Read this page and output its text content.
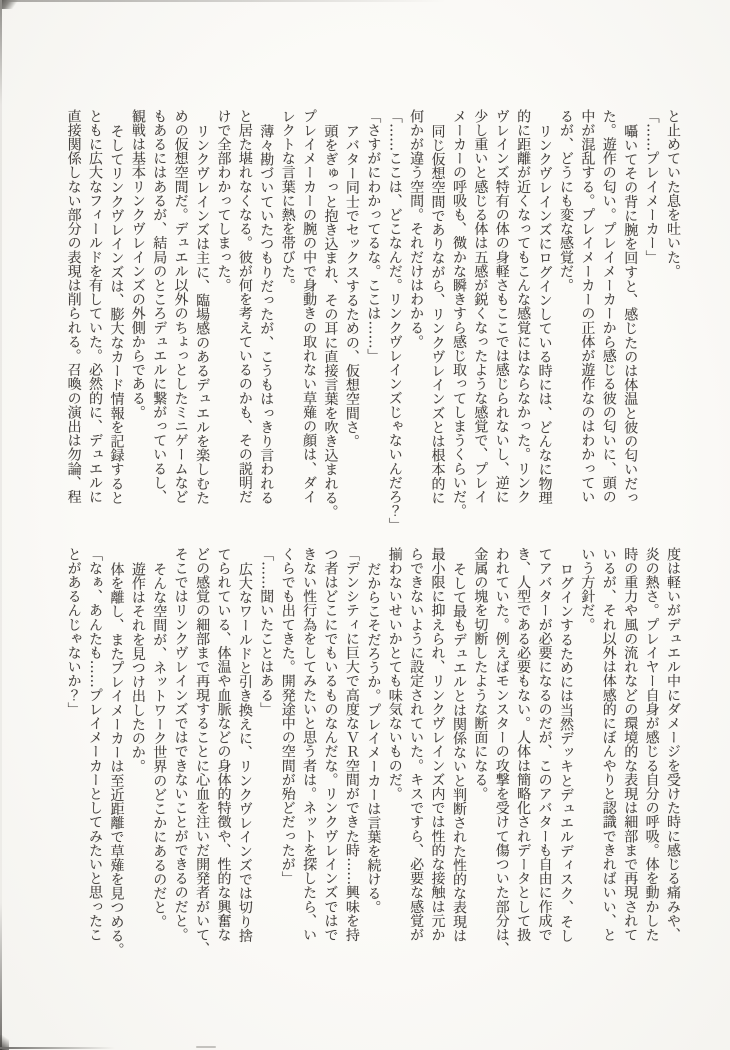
と止めていた息を吐いた。
「……プレイメーカー」
囁いてその背に腕を回すと、感じたのは体温と彼の匂いだっ
た。遊作の匂い。プレイメーカーから感じる彼の匂いに、頭の
中が混乱する。プレイメーカーの正体が遊作なのはわかってい
るが、どうにも変な感覚だ。
リンクヴレインズにログインしている時には、どんなに物理
的に距離が近くなってもこんな感覚にはならなかった。リンク
ヴレインズ特有の体の身軽さもここでは感じられないし、逆に
少し重いと感じる体は五感が鋭くなったような感覚で、プレイ
メーカーの呼吸も、微かな瞬きすら感じ取ってしまうくらいだ。
同じ仮想空間でありながら、リンクヴレインズとは根本的に
何かが違う空間。それだけはわかる。
「……ここは、どこなんだ。リンクヴレインズじゃないんだろ？」
「さすがにわかってるな。ここは……」
アバター同士でセックスするための、仮想空間さ。
頭をぎゅっと抱き込まれ、その耳に直接言葉を吹き込まれる。
プレイメーカーの腕の中で身動きの取れない草薙の顔は、ダイ
レクトな言葉に熱を帯びた。
薄々勘づいていたつもりだったが、こうもはっきり言われる
と居た堪れなくなる。彼が何を考えているのかも、その説明だ
けで全部わかってしまった。
リンクヴレインズは主に、臨場感のあるデュエルを楽しむた
めの仮想空間だ。デュエル以外のちょっとしたミニゲームなど
もあるにはあるが、結局のところデュエルに繋がっているし、
観戦は基本リンクヴレインズの外側からである。
そしてリンクヴレインズは、膨大なカード情報を記録すると
ともに広大なフィールドを有していた。必然的に、デュエルに
直接関係しない部分の表現は削られる。召喚の演出は勿論、程
度は軽いがデュエル中にダメージを受けた時に感じる痛みや、
炎の熱さ。プレイヤー自身が感じる自分の呼吸。体を動かした
時の重力や風の流れなどの環境的な表現は細部まで再現されて
いるが、それ以外は体感的にぼんやりと認識できればいい、と
いう方針だ。
ログインするためには当然デッキとデュエルディスク、そし
てアバターが必要になるのだが、このアバターも自由に作成で
き、人型である必要もない。人体は簡略化されデータとして扱
われていた。例えばモンスターの攻撃を受けて傷ついた部分は、
金属の塊を切断したような断面になる。
そして最もデュエルとは関係ないと判断された性的な表現は
最小限に抑えられ、リンクヴレインズ内では性的な接触は元か
らできないように設定されていた。キスですら、必要な感覚が
揃わないせいかとても味気ないものだ。
だからこそだろうか。プレイメーカーは言葉を続ける。
「デンシティに巨大で高度なＶＲ空間ができた時……興味を持
つ者はどこにでもいるものなんだな。リンクヴレインズではで
きない性行為をしてみたいと思う者は。ネットを探したら、い
くらでも出てきた。開発途中の空間が殆どだったが」
「……聞いたことはある」
広大なワールドと引き換えに、リンクヴレインズでは切り捨
てられている、体温や血脈などの身体的特徴や、性的な興奮な
どの感覚の細部まで再現することに心血を注いだ開発者がいて、
そこではリンクヴレインズではできないことができるのだと。
そんな空間が、ネットワーク世界のどこかにあるのだと。
遊作はそれを見つけ出したのか。
体を離し、またプレイメーカーは至近距離で草薙を見つめる。
「なぁ、あんたも……プレイメーカーとしてみたいと思ったこ
とがあるんじゃないか？」
